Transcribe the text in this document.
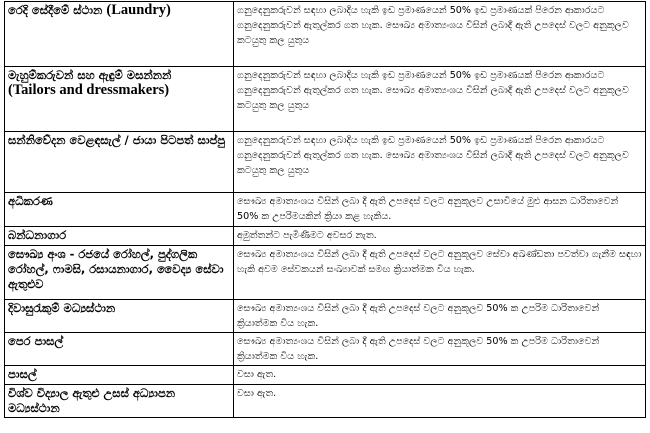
රෙදි සේදීමේ ස්ථාන (Laundry)	ගනුදෙනුකරුවන් සඳහා ලබාදිය හැකි ඉඩ ප්‍රමාණයෙන් 50% ඉඩ ප්‍රමාණයක් පිරෙන ආකාරයට ගනුදෙනුකරුවන් ඇතුල්කර ගත හැක. සෞඛ්‍ය අමාත්‍යංශය විසින් ලබාදී ඇති උපදෙස් වලට අනුකූලව කටයුතු කල යුතුය
මැහුම්කරුවන් සහ ඇඳුම් මසන්නන්
(Tailors and dressmakers)	ගනුදෙනුකරුවන් සඳහා ලබාදිය හැකි ඉඩ ප්‍රමාණයෙන් 50% ඉඩ ප්‍රමාණයක් පිරෙන ආකාරයට ගනුදෙනුකරුවන් ඇතුල්කර ගත හැක. සෞඛ්‍ය අමාත්‍යංශය විසින් ලබාදී ඇති උපදෙස් වලට අනුකූලව කටයුතු කල යුතුය
සන්නිවේදන වෙළඳසැල් / ජායා පිටපත් සාප්පු	ගනුදෙනුකරුවන් සඳහා ලබාදිය හැකි ඉඩ ප්‍රමාණයෙන් 50% ඉඩ ප්‍රමාණයක් පිරෙන ආකාරයට ගනුදෙනුකරුවන් ඇතුල්කර ගත හැක. සෞඛ්‍ය අමාත්‍යංශය විසින් ලබාදී ඇති උපදෙස් වලට අනුකූලව කටයුතු කල යුතුය
අධිකරණ	සෞඛ්‍ය අමාත්‍යංශය විසින් ලබා දී ඇති උපදෙස් වලට අනුකූලව උසාවියේ මුළු ආසන ධාරිතාවෙන් 50% ක උපරිමයකින් ක්‍රියා කළ හැකිය.
බන්ධනාගාර	අමුත්තන්ට පැමිණීමට අවසර නැත.
සෞඛ්‍ය අංශ - රජයේ රෝහල්, පුද්ගලික රෝහල්, ෆාමසි, රසායනාගාර, වෛද්‍ය සේවා ඇතුළුව	සෞඛ්‍ය අමාත්‍යංශය විසින් ලබා දී ඇති උපදෙස් වලට අනුකූලව සේවා අඛණ්ඩතා පවත්වා ගැනීම සඳහා හැකි අවම සේවකයන් සංඛ්‍යාවක් සමඟ ක්‍රියාත්මක විය හැක.
දිවාසුරැකුම් මධ්‍යස්ථාන	සෞඛ්‍ය අමාත්‍යංශය විසින් ලබා දී ඇති උපදෙස් වලට අනුකූලව 50% ක උපරිම ධාරිතාවෙන් ක්‍රියාත්මක විය හැක.
පෙර පාසල්	සෞඛ්‍ය අමාත්‍යංශය විසින් ලබා දී ඇති උපදෙස් වලට අනුකූලව 50% ක උපරිම ධාරිතාවෙන් ක්‍රියාත්මක විය හැක.
පාසල්	වසා ඇත.
විශ්ව විද්‍යාල ඇතුළු උසස් අධ්‍යාපන මධ්‍යස්ථාන	වසා ඇත.
